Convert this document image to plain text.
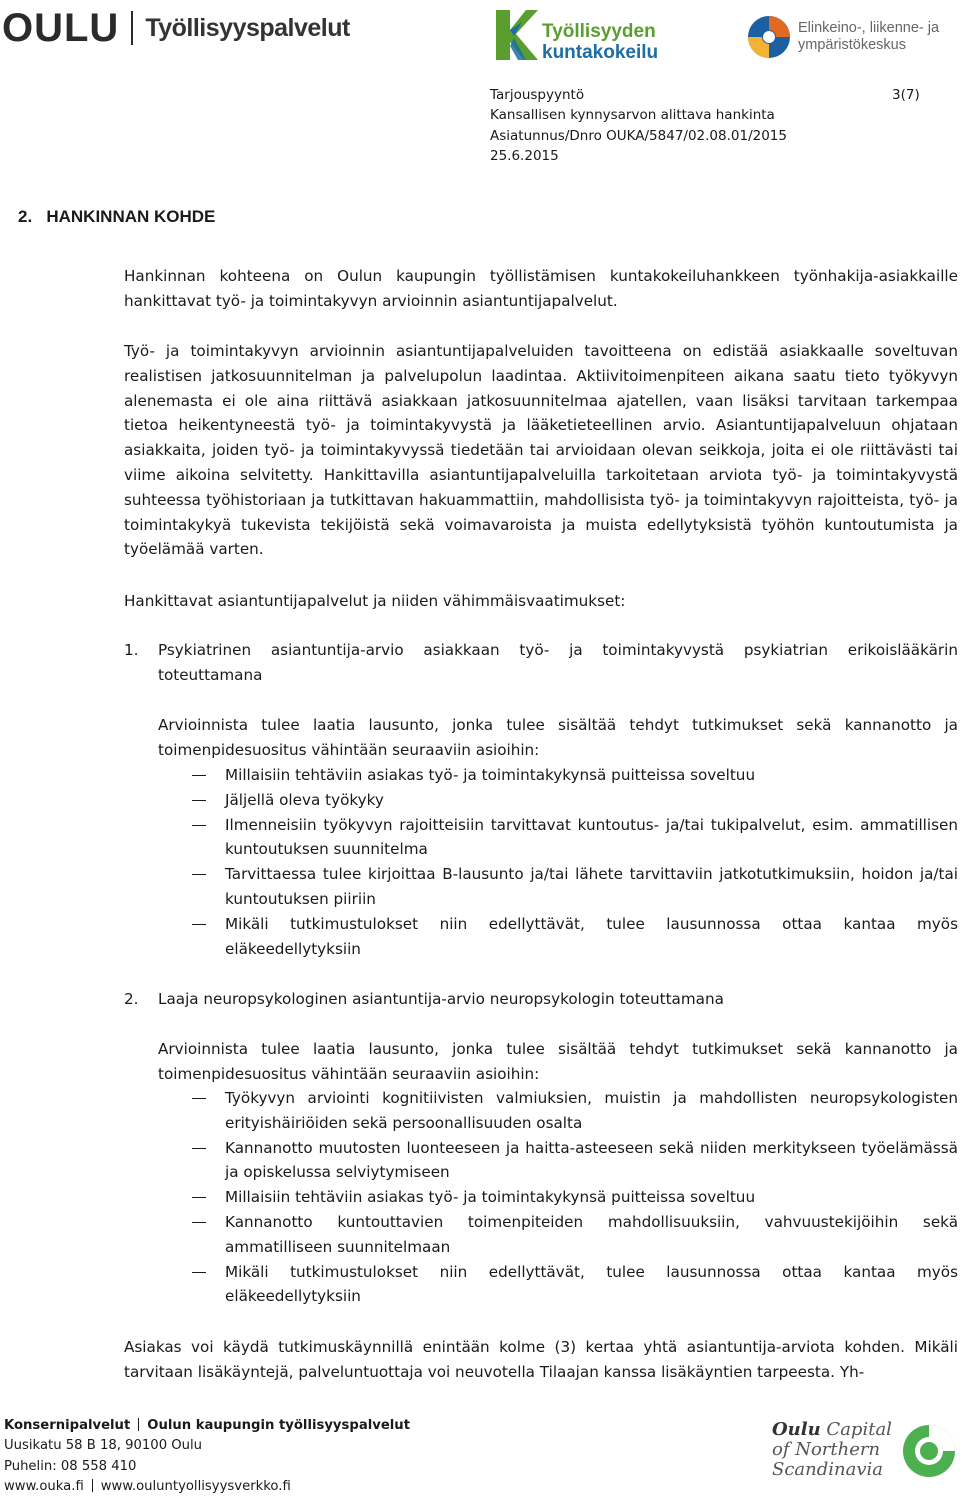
OULU Työllisyyspalvelut	Työllisyyden
kuntakokeilu
Elinkeino-, liikenne- ja
ympäristökeskus
Tarjouspyyntö
Kansallisen kynnysarvon alittava hankinta
Asiatunnus/Dnro OUKA/5847/02.08.01/2015
25.6.2015
3(7)
2.   HANKINNAN KOHDE
Hankinnan kohteena on Oulun kaupungin työllistämisen kuntakokeiluhankkeen työnhakija-asiakkaille hankittavat työ- ja toimintakyvyn arvioinnin asiantuntijapalvelut.
Työ- ja toimintakyvyn arvioinnin asiantuntijapalveluiden tavoitteena on edistää asiakkaalle soveltuvan realistisen jatkosuunnitelman ja palvelupolun laadintaa. Aktiivitoimenpiteen aikana saatu tieto työkyvyn alenemasta ei ole aina riittävä asiakkaan jatkosuunnitelmaa ajatellen, vaan lisäksi tarvitaan tarkempaa tietoa heikentyneestä työ- ja toimintakyvystä ja lääketieteellinen arvio. Asiantuntijapalveluun ohjataan asiakkaita, joiden työ- ja toimintakyvyssä tiedetään tai arvioidaan olevan seikkoja, joita ei ole riittävästi tai viime aikoina selvitetty. Hankittavilla asiantuntijapalveluilla tarkoitetaan arviota työ- ja toimintakyvystä suhteessa työhistoriaan ja tutkittavan hakuammattiin, mahdollisista työ- ja toimintakyvyn rajoitteista, työ- ja toimintakykyä tukevista tekijöistä sekä voimavaroista ja muista edellytyksistä työhön kuntoutumista ja työelämää varten.
Hankittavat asiantuntijapalvelut ja niiden vähimmäisvaatimukset:
1. Psykiatrinen asiantuntija-arvio asiakkaan työ- ja toimintakyvystä psykiatrian erikoislääkärin toteuttamana
Arvioinnista tulee laatia lausunto, jonka tulee sisältää tehdyt tutkimukset sekä kannanotto ja toimenpidesuositus vähintään seuraaviin asioihin:
Millaisiin tehtäviin asiakas työ- ja toimintakykynsä puitteissa soveltuu
Jäljellä oleva työkyky
Ilmenneisiin työkyvyn rajoitteisiin tarvittavat kuntoutus- ja/tai tukipalvelut, esim. ammatillisen kuntoutuksen suunnitelma
Tarvittaessa tulee kirjoittaa B-lausunto ja/tai lähete tarvittaviin jatkotutkimuksiin, hoidon ja/tai kuntoutuksen piiriin
Mikäli tutkimustulokset niin edellyttävät, tulee lausunnossa ottaa kantaa myös eläkeedellytyksiin
2. Laaja neuropsykologinen asiantuntija-arvio neuropsykologin toteuttamana
Arvioinnista tulee laatia lausunto, jonka tulee sisältää tehdyt tutkimukset sekä kannanotto ja toimenpidesuositus vähintään seuraaviin asioihin:
Työkyvyn arviointi kognitiivisten valmiuksien, muistin ja mahdollisten neuropsykologisten erityishäiriöiden sekä persoonallisuuden osalta
Kannanotto muutosten luonteeseen ja haitta-asteeseen sekä niiden merkitykseen työelämässä ja opiskelussa selviytymiseen
Millaisiin tehtäviin asiakas työ- ja toimintakykynsä puitteissa soveltuu
Kannanotto kuntouttavien toimenpiteiden mahdollisuuksiin, vahvuustekijöihin sekä ammatilliseen suunnitelmaan
Mikäli tutkimustulokset niin edellyttävät, tulee lausunnossa ottaa kantaa myös eläkeedellytyksiin
Asiakas voi käydä tutkimuskäynnillä enintään kolme (3) kertaa yhtä asiantuntija-arviota kohden. Mikäli tarvitaan lisäkäyntejä, palveluntuottaja voi neuvotella Tilaajan kanssa lisäkäyntien tarpeesta. Yh-
Konsernipalvelut Oulun kaupungin työllisyyspalvelut
Uusikatu 58 B 18, 90100 Oulu
Puhelin: 08 558 410
www.ouka.fi www.ouluntyollisyysverkko.fi
Oulu Capital
of Northern
Scandinavia
